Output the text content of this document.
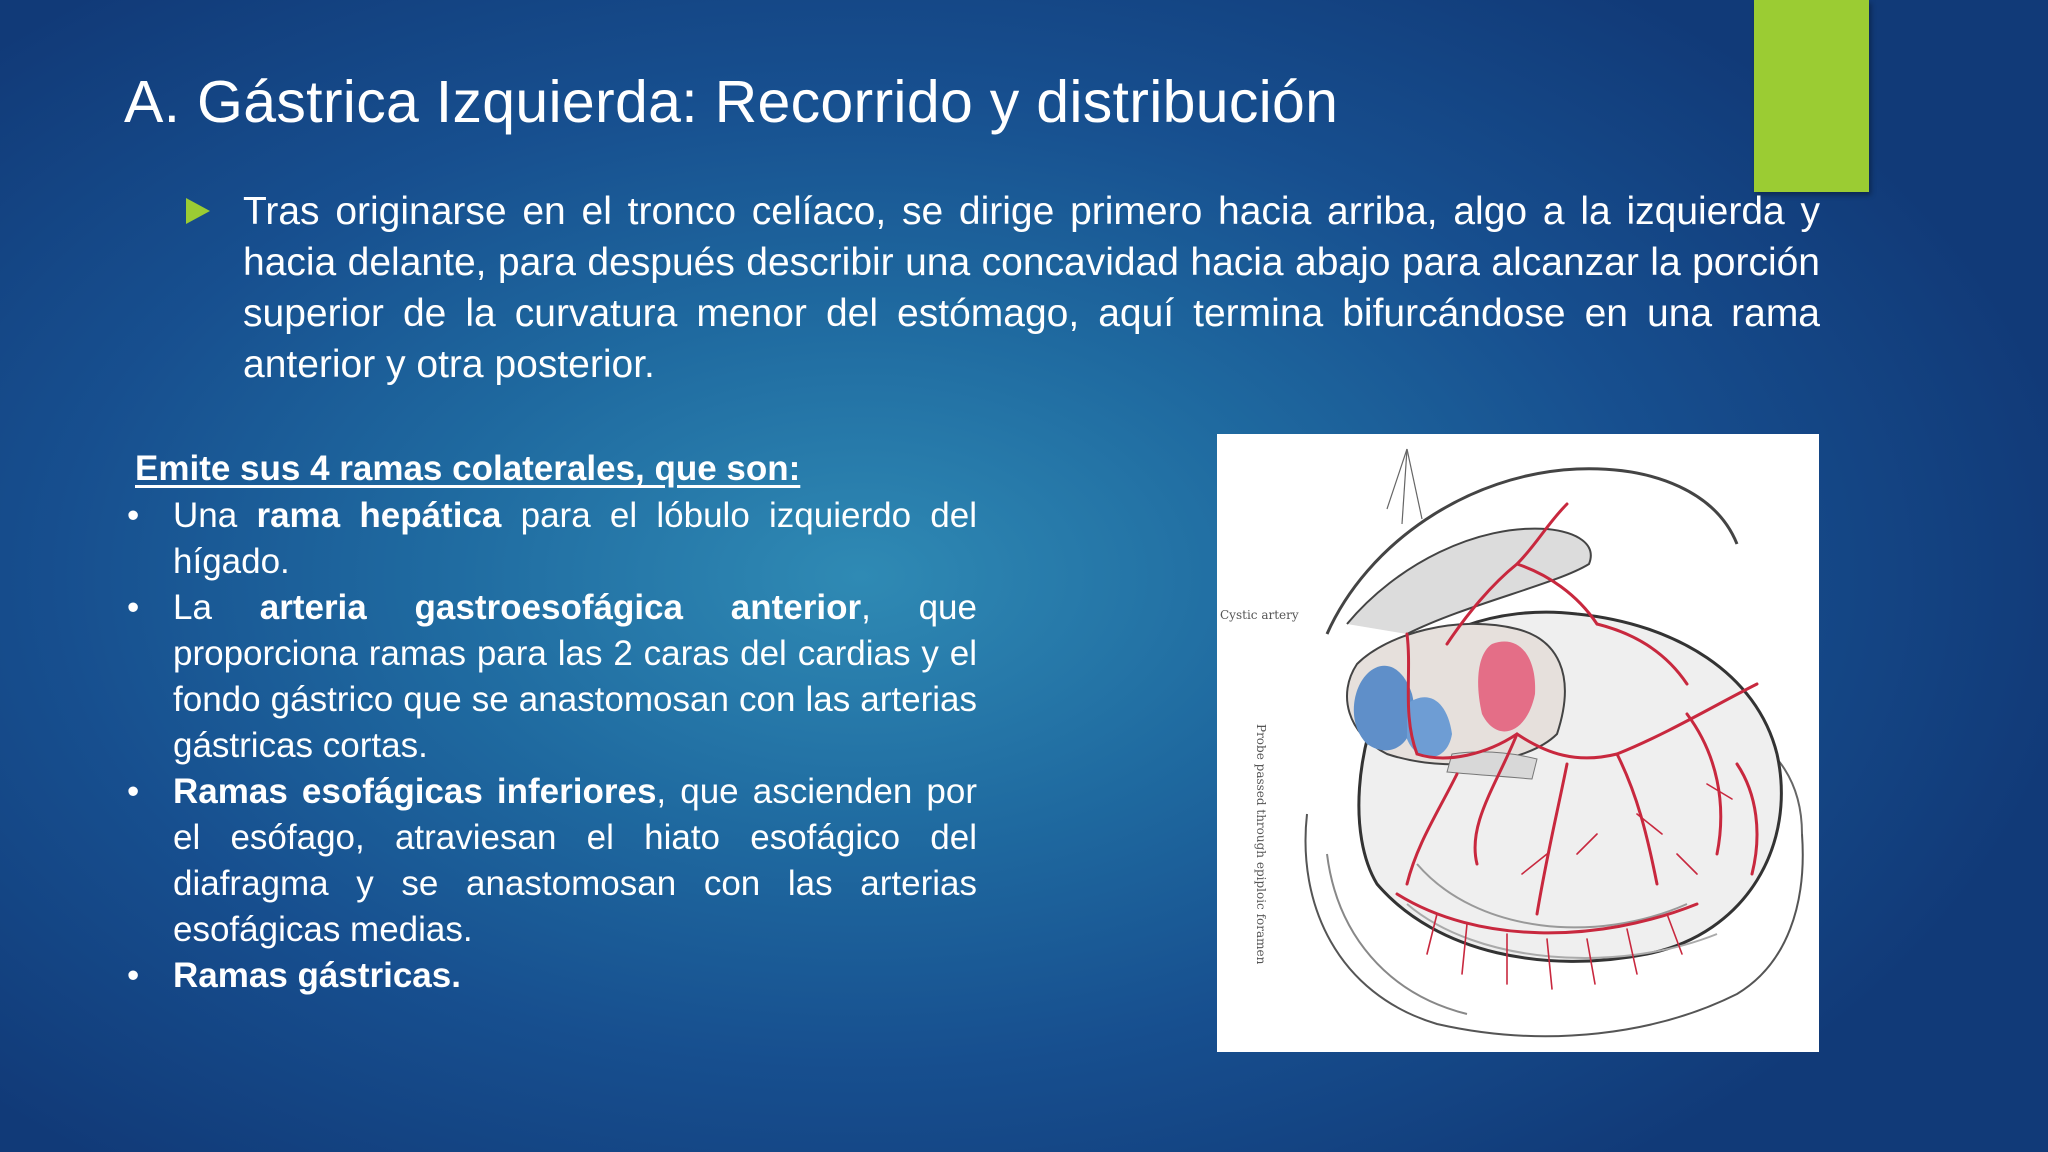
A. Gástrica Izquierda: Recorrido y distribución

Tras originarse en el tronco celíaco, se dirige primero hacia arriba, algo a la izquierda y hacia delante, para después describir una concavidad hacia abajo para alcanzar la porción superior de la curvatura menor del estómago, aquí termina bifurcándose en una rama anterior y otra posterior.

Emite sus 4 ramas colaterales, que son:
• Una rama hepática para el lóbulo izquierdo del hígado.
• La arteria gastroesofágica anterior, que proporciona ramas para las 2 caras del cardias y el fondo gástrico que se anastomosan con las arterias gástricas cortas.
• Ramas esofágicas inferiores, que ascienden por el esófago, atraviesan el hiato esofágico del diafragma y se anastomosan con las arterias esofágicas medias.
• Ramas gástricas.
Cystic artery
Probe passed through epiploic foramen
